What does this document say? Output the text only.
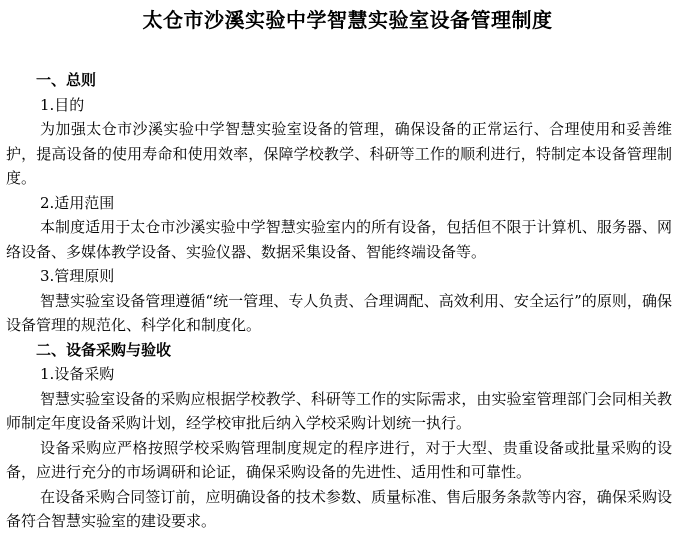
太仓市沙溪实验中学智慧实验室设备管理制度
一、总则
1.目的

为加强太仓市沙溪实验中学智慧实验室设备的管理，确保设备的正常运行、合理使用和妥善维护，提高设备的使用寿命和使用效率，保障学校教学、科研等工作的顺利进行，特制定本设备管理制度。

2.适用范围

本制度适用于太仓市沙溪实验中学智慧实验室内的所有设备，包括但不限于计算机、服务器、网络设备、多媒体教学设备、实验仪器、数据采集设备、智能终端设备等。

3.管理原则

智慧实验室设备管理遵循“统一管理、专人负责、合理调配、高效利用、安全运行”的原则，确保设备管理的规范化、科学化和制度化。

二、设备采购与验收
1.设备采购

智慧实验室设备的采购应根据学校教学、科研等工作的实际需求，由实验室管理部门会同相关教师制定年度设备采购计划，经学校审批后纳入学校采购计划统一执行。

设备采购应严格按照学校采购管理制度规定的程序进行，对于大型、贵重设备或批量采购的设备，应进行充分的市场调研和论证，确保采购设备的先进性、适用性和可靠性。

在设备采购合同签订前，应明确设备的技术参数、质量标准、售后服务条款等内容，确保采购设备符合智慧实验室的建设要求。
